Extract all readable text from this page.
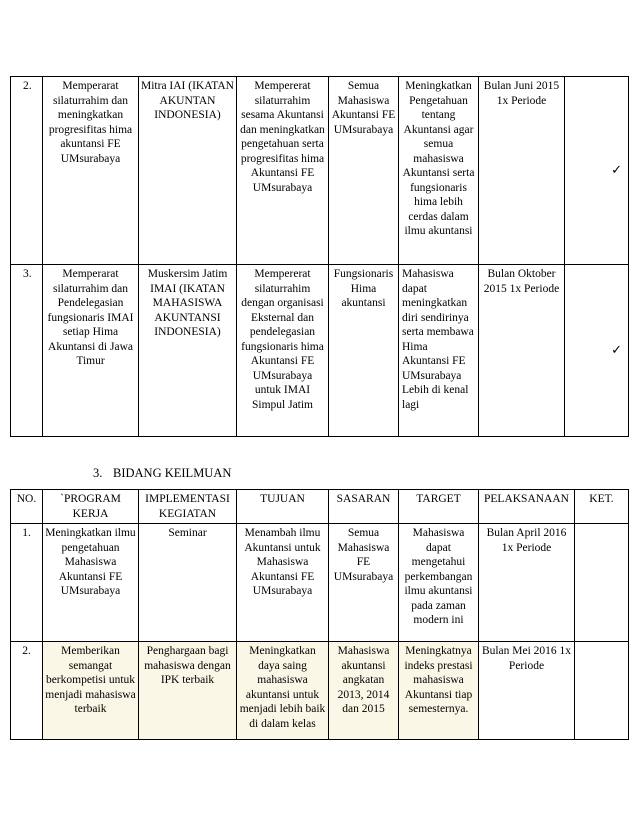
2.	Memperarat silaturrahim dan meningkatkan progresifitas hima akuntansi FE UMsurabaya	Mitra IAI (IKATAN AKUNTAN INDONESIA)	Mempererat silaturrahim sesama Akuntansi dan meningkatkan pengetahuan serta progresifitas hima Akuntansi FE UMsurabaya	Semua Mahasiswa Akuntansi FE UMsurabaya	Meningkatkan Pengetahuan tentang Akuntansi agar semua mahasiswa Akuntansi serta fungsionaris hima lebih cerdas dalam ilmu akuntansi	Bulan Juni 2015 1x Periode	✓
3.	Memperarat silaturrahim dan Pendelegasian fungsionaris IMAI setiap Hima Akuntansi di Jawa Timur	Muskersim Jatim IMAI (IKATAN MAHASISWA AKUNTANSI INDONESIA)	Mempererat silaturrahim dengan organisasi Eksternal dan pendelegasian fungsionaris hima Akuntansi FE UMsurabaya untuk IMAI Simpul Jatim	Fungsionaris Hima akuntansi	Mahasiswa dapat meningkatkan diri sendirinya serta membawa Hima Akuntansi FE UMsurabaya Lebih di kenal lagi	Bulan Oktober 2015 1x Periode	✓
3. BIDANG KEILMUAN
NO.	`PROGRAM KERJA	IMPLEMENTASI KEGIATAN	TUJUAN	SASARAN	TARGET	PELAKSANAAN	KET.
1.	Meningkatkan ilmu pengetahuan Mahasiswa Akuntansi FE UMsurabaya	Seminar	Menambah ilmu Akuntansi untuk Mahasiswa Akuntansi FE UMsurabaya	Semua Mahasiswa FE UMsurabaya	Mahasiswa dapat mengetahui perkembangan ilmu akuntansi pada zaman modern ini	Bulan April 2016 1x Periode	
2.	Memberikan semangat berkompetisi untuk menjadi mahasiswa terbaik	Penghargaan bagi mahasiswa dengan IPK terbaik	Meningkatkan daya saing mahasiswa akuntansi untuk menjadi lebih baik di dalam kelas	Mahasiswa akuntansi angkatan 2013, 2014 dan 2015	Meningkatnya indeks prestasi mahasiswa Akuntansi tiap semesternya.	Bulan Mei 2016 1x Periode	
